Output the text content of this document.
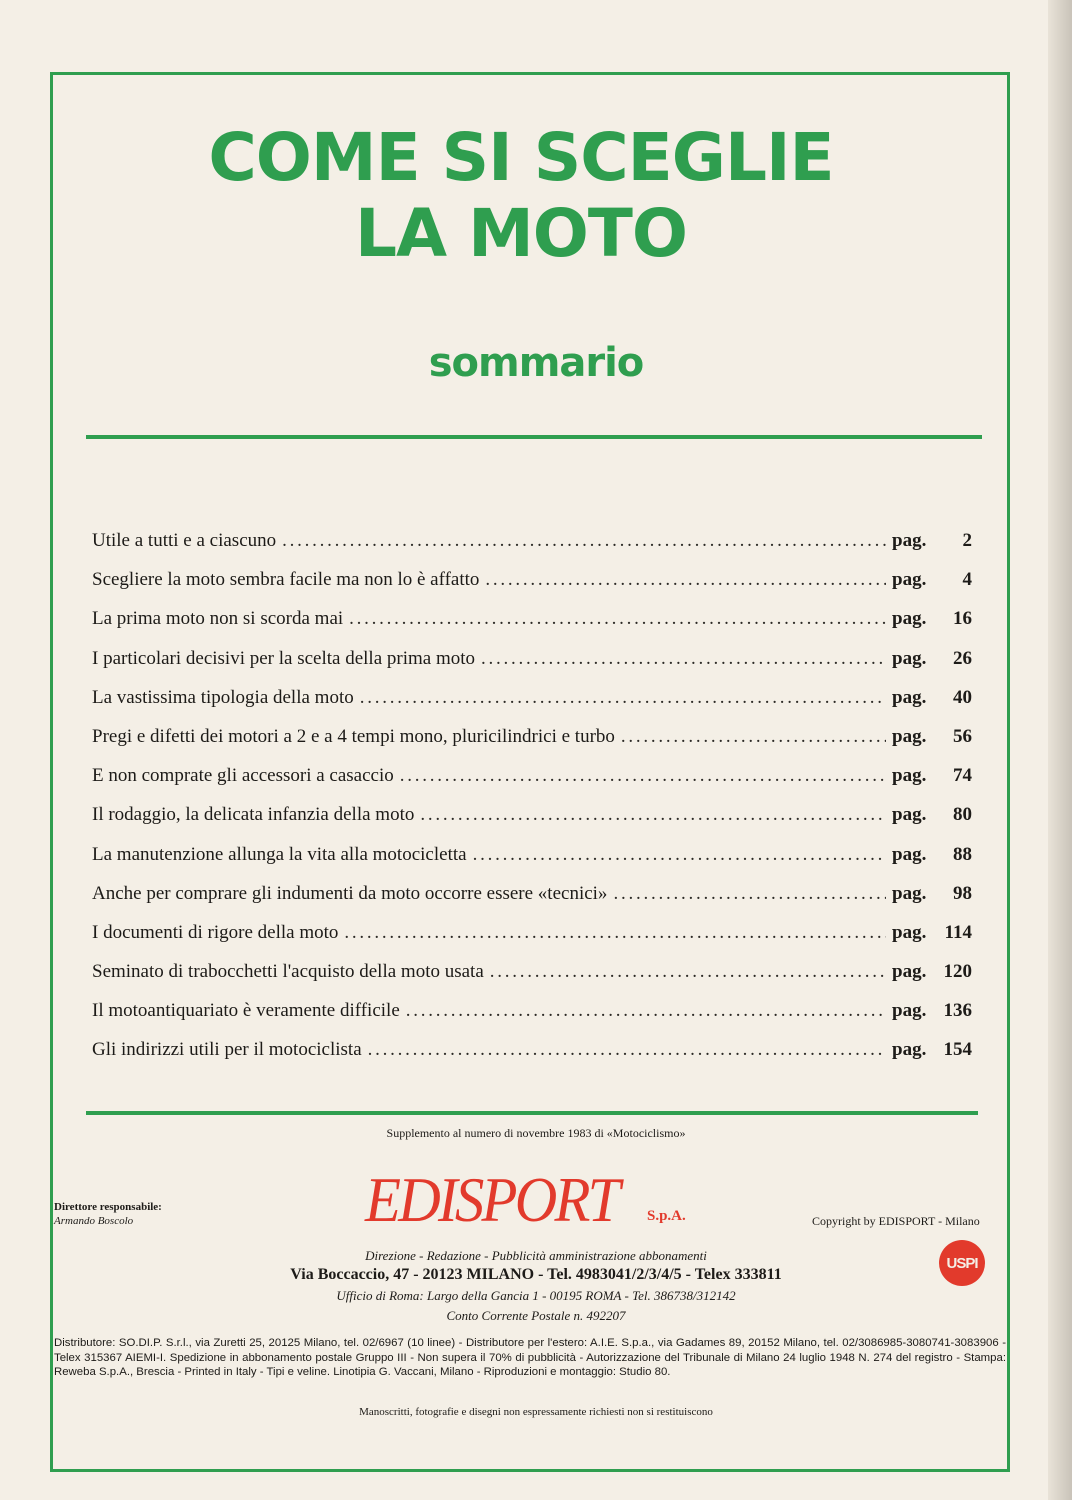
COME SI SCEGLIE
LA MOTO
sommario
Utile a tutti e a ciascuno . . .	pag.	2
Scegliere la moto sembra facile ma non lo è affatto . . .	pag.	4
La prima moto non si scorda mai . . .	pag.	16
I particolari decisivi per la scelta della prima moto . . .	pag.	26
La vastissima tipologia della moto . . .	pag.	40
Pregi e difetti dei motori a 2 e a 4 tempi mono, pluricilindrici e turbo . . .	pag.	56
E non comprate gli accessori a casaccio . . .	pag.	74
Il rodaggio, la delicata infanzia della moto . . .	pag.	80
La manutenzione allunga la vita alla motocicletta . . .	pag.	88
Anche per comprare gli indumenti da moto occorre essere «tecnici» . . .	pag.	98
I documenti di rigore della moto . . .	pag. 114
Seminato di trabocchetti l'acquisto della moto usata . . .	pag. 120
Il motoantiquariato è veramente difficile . . .	pag. 136
Gli indirizzi utili per il motociclista . . .	pag. 154
Supplemento al numero di novembre 1983 di «Motociclismo»
Direttore responsabile:
Armando Boscolo	EDISPORT S.p.A.	Copyright by EDISPORT - Milano
USPI
Direzione - Redazione - Pubblicità amministrazione abbonamenti
Via Boccaccio, 47 - 20123 MILANO - Tel. 4983041/2/3/4/5 - Telex 333811
Ufficio di Roma: Largo della Gancia 1 - 00195 ROMA - Tel. 386738/312142
Conto Corrente Postale n. 492207
Distributore: SO.DI.P. S.r.l., via Zuretti 25, 20125 Milano, tel. 02/6967 (10 linee) - Distributore per l'estero: A.I.E. S.p.a., via Gadames 89, 20152 Milano, tel. 02/3086985-3080741-3083906 - Telex 315367 AIEMI-I. Spedizione in abbonamento postale Gruppo III - Non supera il 70% di pubblicità - Autorizzazione del Tribunale di Milano 24 luglio 1948 N. 274 del registro - Stampa: Reweba S.p.A., Brescia - Printed in Italy - Tipi e veline. Linotipia G. Vaccani, Milano - Riproduzioni e montaggio: Studio 80.
Manoscritti, fotografie e disegni non espressamente richiesti non si restituiscono
